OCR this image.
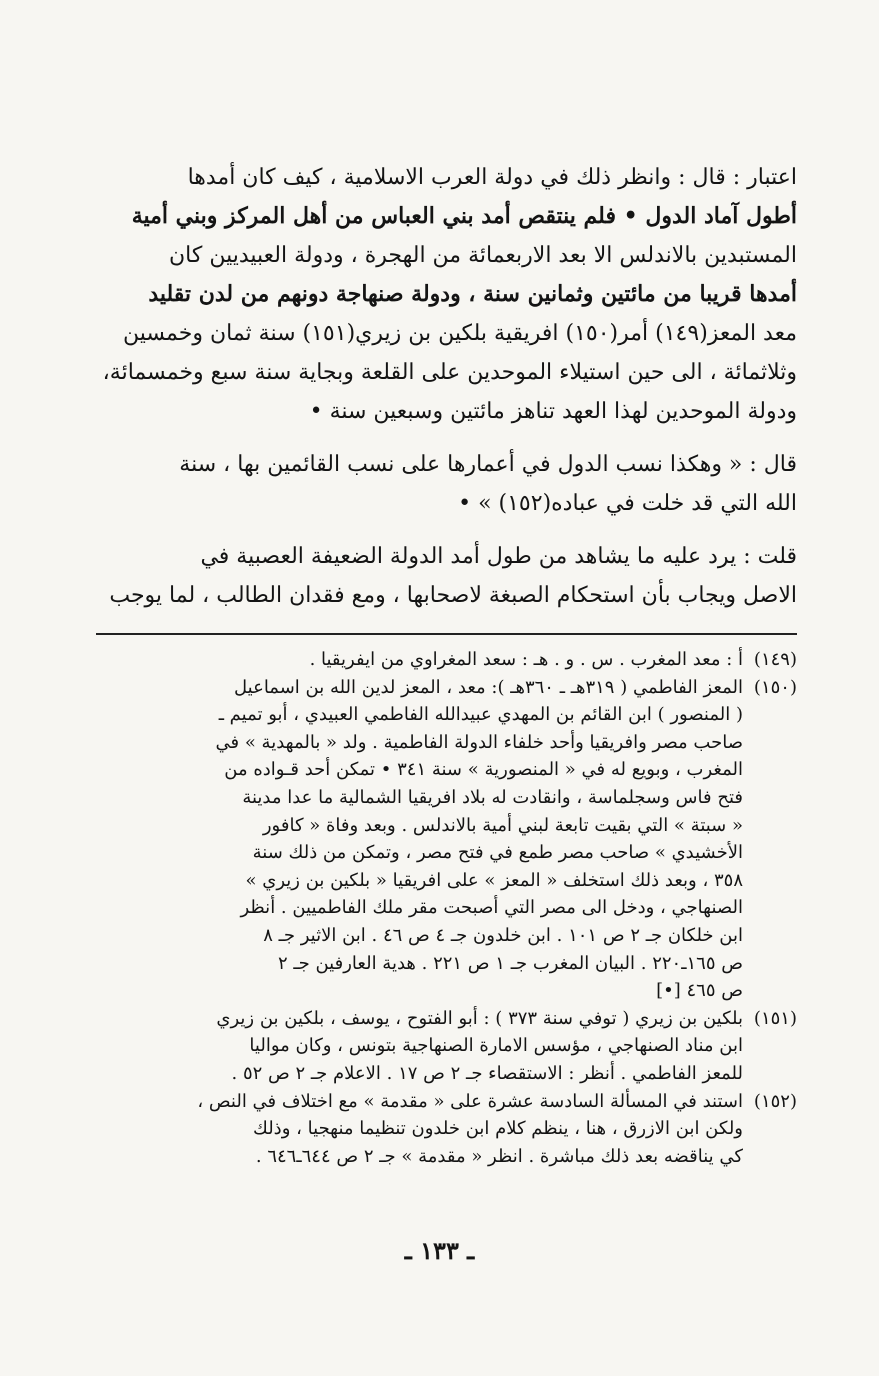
اعتبار : قال : وانظر ذلك في دولة العرب الاسلامية ، كيف كان أمدها
أطول آماد الدول • فلم ينتقص أمد بني العباس من أهل المركز وبني أمية
المستبدين بالاندلس الا بعد الاربعمائة من الهجرة ، ودولة العبيديين كان
أمدها قريبا من مائتين وثمانين سنة ، ودولة صنهاجة دونهم من لدن تقليد
معد المعز(١٤٩) أمر(١٥٠) افريقية بلكين بن زيري(١٥١) سنة ثمان وخمسين
وثلاثمائة ، الى حين استيلاء الموحدين على القلعة وبجاية سنة سبع وخمسمائة،
ودولة الموحدين لهذا العهد تناهز مائتين وسبعين سنة •

قال : « وهكذا نسب الدول في أعمارها على نسب القائمين بها ، سنة
الله التي قد خلت في عباده(١٥٢) » •

قلت : يرد عليه ما يشاهد من طول أمد الدولة الضعيفة العصبية في
الاصل ويجاب بأن استحكام الصبغة لاصحابها ، ومع فقدان الطالب ، لما يوجب

(١٤٩)
أ : معد المغرب . س . و . هـ : سعد المغراوي من ايفريقيا .
(١٥٠)
المعز الفاطمي ( ٣١٩هـ ـ ٣٦٠هـ ): معد ، المعز لدين الله بن اسماعيل
( المنصور ) ابن القائم بن المهدي عبيدالله الفاطمي العبيدي ، أبو تميم ـ
صاحب مصر وافريقيا وأحد خلفاء الدولة الفاطمية . ولد « بالمهدية » في
المغرب ، وبويع له في « المنصورية » سنة ٣٤١ • تمكن أحد قـواده من
فتح فاس وسجلماسة ، وانقادت له بلاد افريقيا الشمالية ما عدا مدينة
« سبتة » التي بقيت تابعة لبني أمية بالاندلس . وبعد وفاة « كافور
الأخشيدي » صاحب مصر طمع في فتح مصر ، وتمكن من ذلك سنة
٣٥٨ ، وبعد ذلك استخلف « المعز » على افريقيا « بلكين بن زيري »
الصنهاجي ، ودخل الى مصر التي أصبحت مقر ملك الفاطميين . أنظر
ابن خلكان جـ ٢ ص ١٠١ . ابن خلدون جـ ٤ ص ٤٦ . ابن الاثير جـ ٨
ص ١٦٥ـ٢٢٠ . البيان المغرب جـ ١ ص ٢٢١ . هدية العارفين جـ ٢
ص ٤٦٥ [•]
(١٥١)
بلكين بن زيري ( توفي سنة ٣٧٣ ) : أبو الفتوح ، يوسف ، بلكين بن زيري
ابن مناد الصنهاجي ، مؤسس الامارة الصنهاجية بتونس ، وكان مواليا
للمعز الفاطمي . أنظر : الاستقصاء جـ ٢ ص ١٧ . الاعلام جـ ٢ ص ٥٢ .
(١٥٢)
استند في المسألة السادسة عشرة على « مقدمة » مع اختلاف في النص ،
ولكن ابن الازرق ، هنا ، ينظم كلام ابن خلدون تنظيما منهجيا ، وذلك
كي يناقضه بعد ذلك مباشرة . انظر « مقدمة » جـ ٢ ص ٦٤٤ـ٦٤٦ .
ـ ١٣٣ ـ
